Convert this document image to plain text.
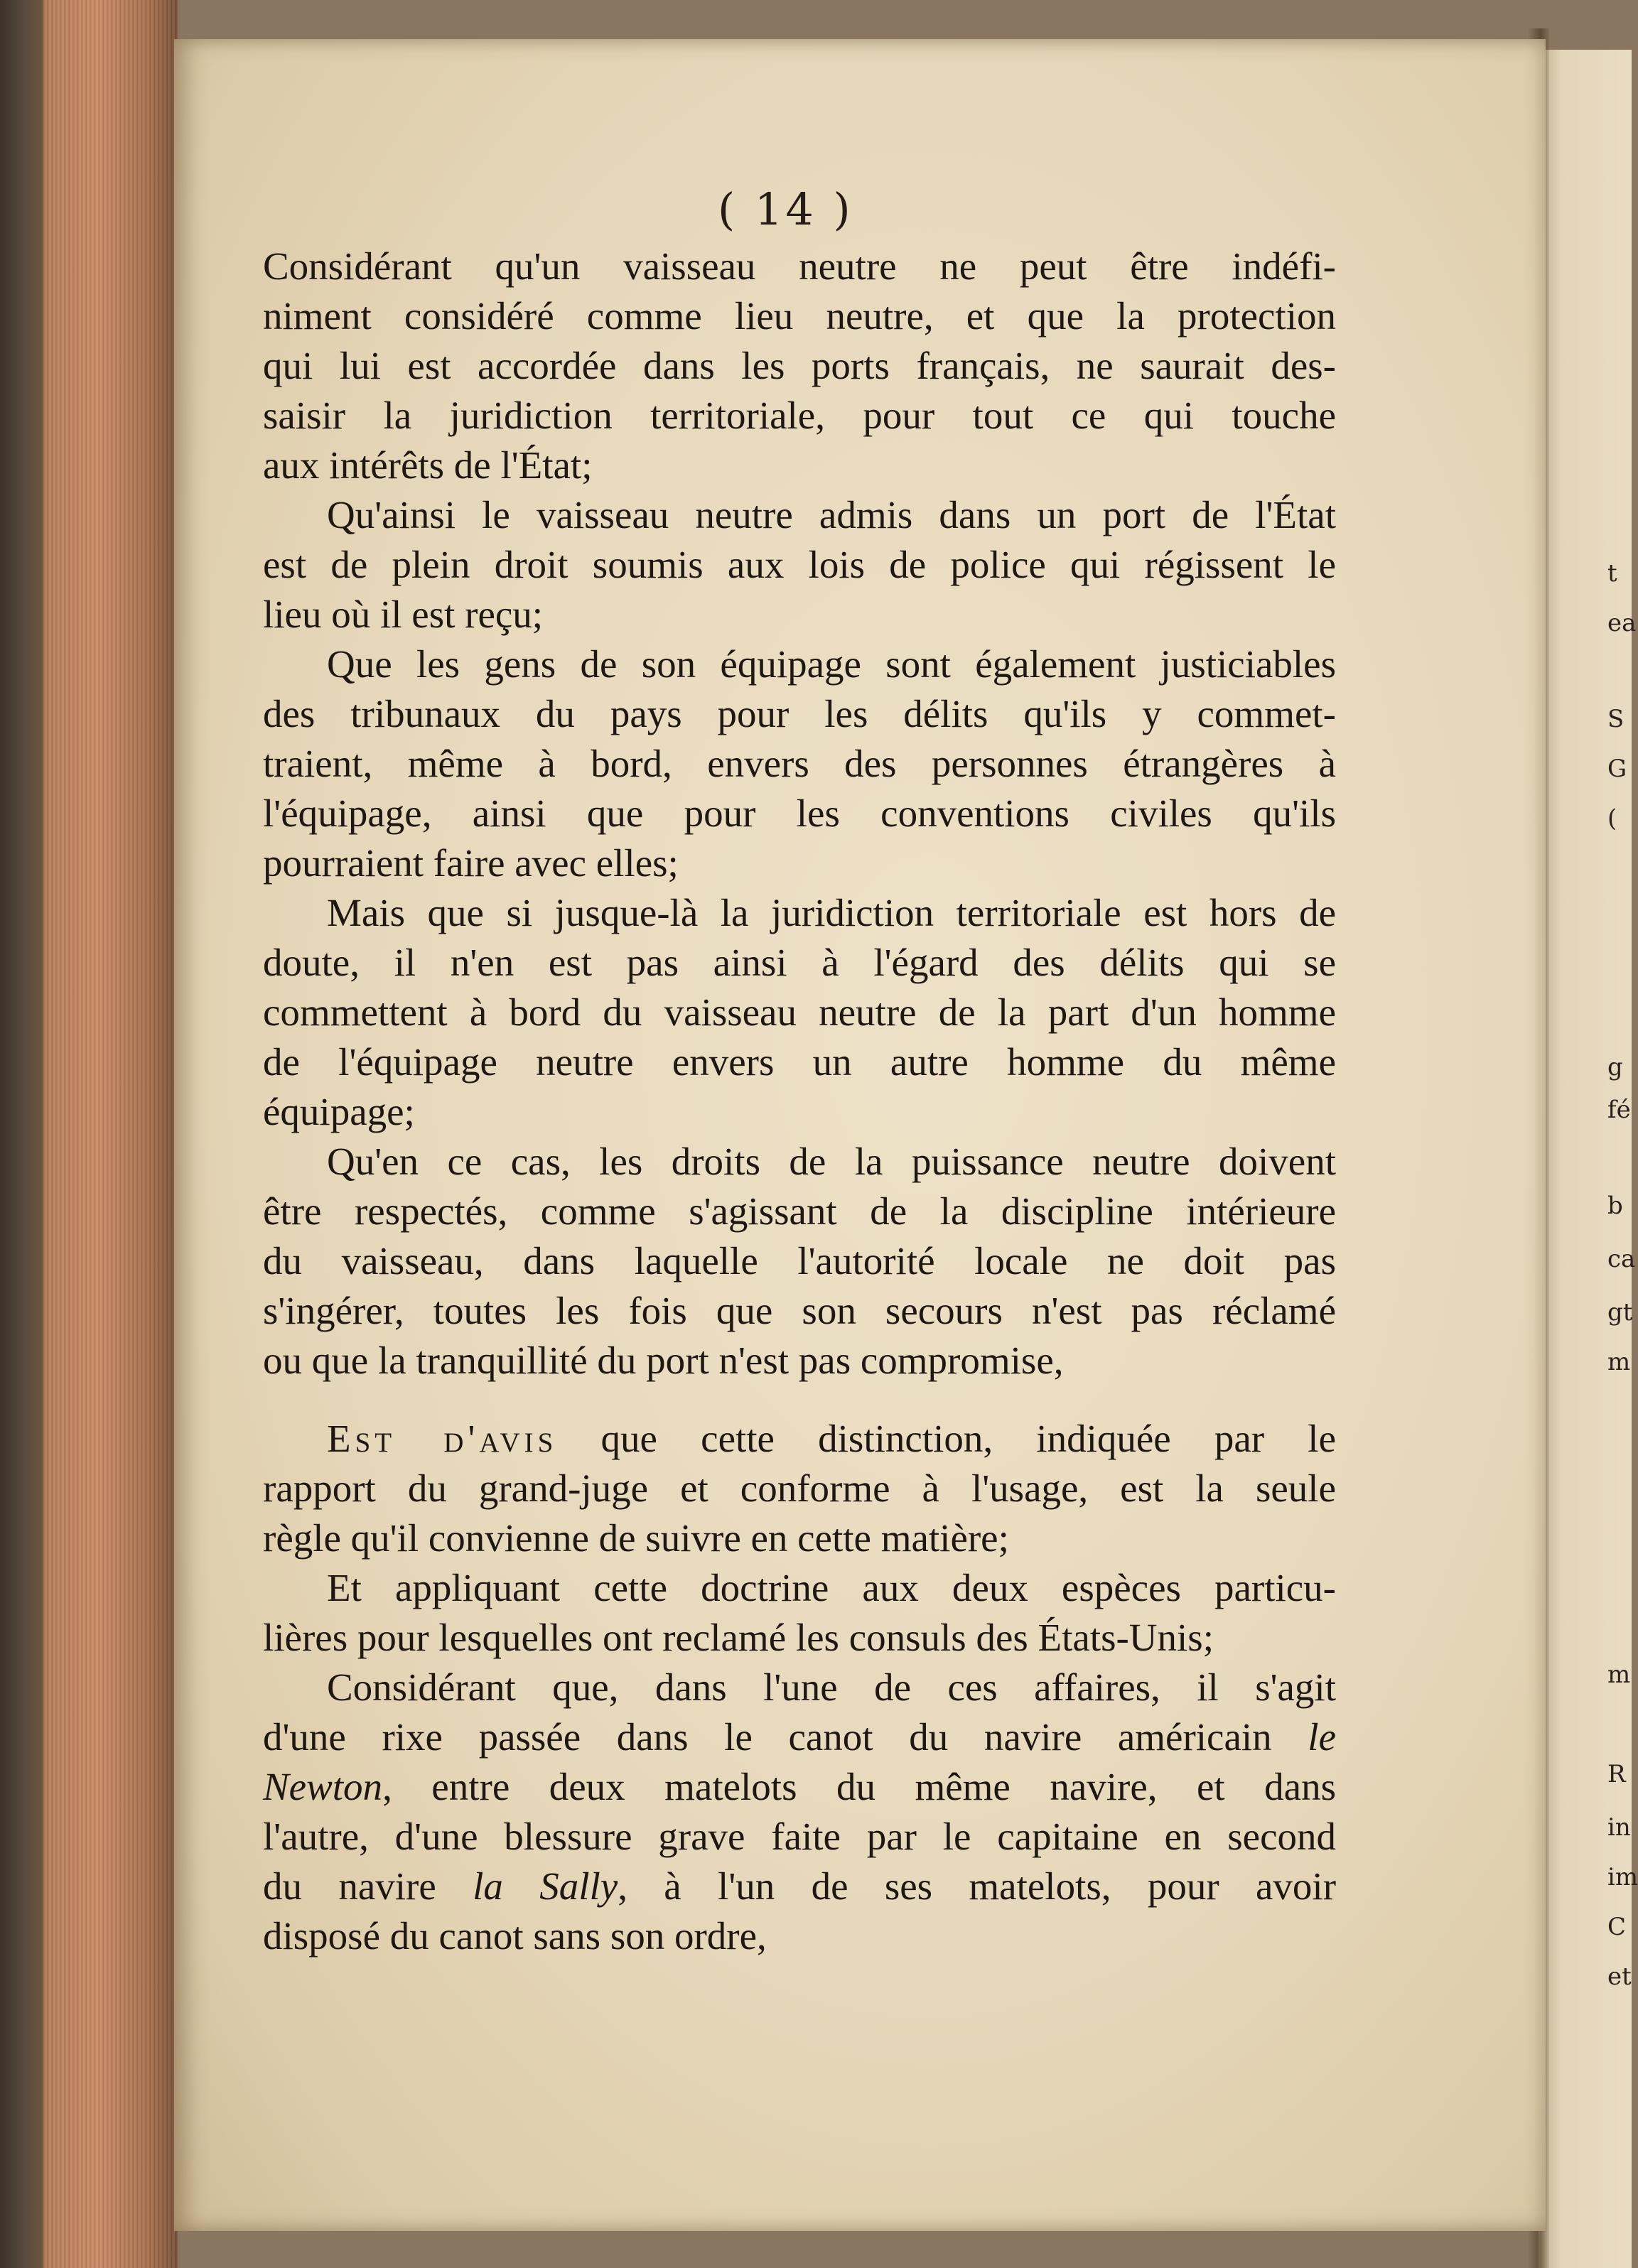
( 14 )
Considérant qu'un vaisseau neutre ne peut être indéfi-
niment considéré comme lieu neutre, et que la protection
qui lui est accordée dans les ports français, ne saurait des-
saisir la juridiction territoriale, pour tout ce qui touche
aux intérêts de l'État;
Qu'ainsi le vaisseau neutre admis dans un port de l'État
est de plein droit soumis aux lois de police qui régissent le
lieu où il est reçu;
Que les gens de son équipage sont également justiciables
des tribunaux du pays pour les délits qu'ils y commet-
traient, même à bord, envers des personnes étrangères à
l'équipage, ainsi que pour les conventions civiles qu'ils
pourraient faire avec elles;
Mais que si jusque-là la juridiction territoriale est hors de
doute, il n'en est pas ainsi à l'égard des délits qui se
commettent à bord du vaisseau neutre de la part d'un homme
de l'équipage neutre envers un autre homme du même
équipage;
Qu'en ce cas, les droits de la puissance neutre doivent
être respectés, comme s'agissant de la discipline intérieure
du vaisseau, dans laquelle l'autorité locale ne doit pas
s'ingérer, toutes les fois que son secours n'est pas réclamé
ou que la tranquillité du port n'est pas compromise,
Est d'avis que cette distinction, indiquée par le
rapport du grand-juge et conforme à l'usage, est la seule
règle qu'il convienne de suivre en cette matière;
Et appliquant cette doctrine aux deux espèces particu-
lières pour lesquelles ont reclamé les consuls des États-Unis;
Considérant que, dans l'une de ces affaires, il s'agit
d'une rixe passée dans le canot du navire américain le
Newton, entre deux matelots du même navire, et dans
l'autre, d'une blessure grave faite par le capitaine en second
du navire la Sally, à l'un de ses matelots, pour avoir
disposé du canot sans son ordre,
t
ea
S
G
(
g
fé
b
ca
gt
m
m
R
in
im
C
et
